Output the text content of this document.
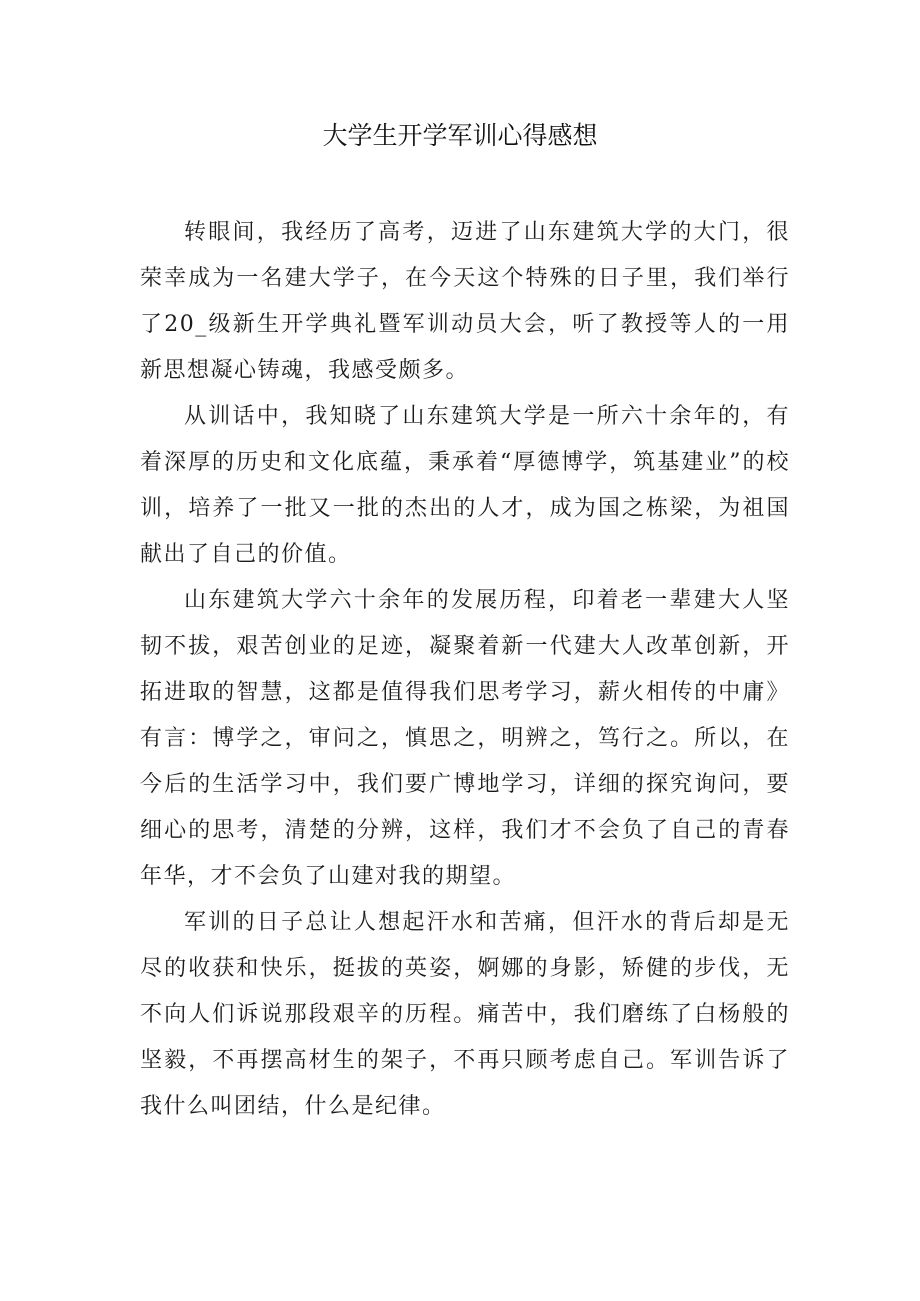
大学生开学军训心得感想

转眼间，我经历了高考，迈进了山东建筑大学的大门，很荣幸成为一名建大学子，在今天这个特殊的日子里，我们举行了20_级新生开学典礼暨军训动员大会，听了教授等人的一用新思想凝心铸魂，我感受颇多。

从训话中，我知晓了山东建筑大学是一所六十余年的，有着深厚的历史和文化底蕴，秉承着“厚德博学，筑基建业”的校训，培养了一批又一批的杰出的人才，成为国之栋梁，为祖国献出了自己的价值。

山东建筑大学六十余年的发展历程，印着老一辈建大人坚韧不拔，艰苦创业的足迹，凝聚着新一代建大人改革创新，开拓进取的智慧，这都是值得我们思考学习，薪火相传的中庸》有言：博学之，审问之，慎思之，明辨之，笃行之。所以，在今后的生活学习中，我们要广博地学习，详细的探究询问，要细心的思考，清楚的分辨，这样，我们才不会负了自己的青春年华，才不会负了山建对我的期望。

军训的日子总让人想起汗水和苦痛，但汗水的背后却是无尽的收获和快乐，挺拔的英姿，婀娜的身影，矫健的步伐，无不向人们诉说那段艰辛的历程。痛苦中，我们磨练了白杨般的坚毅，不再摆高材生的架子，不再只顾考虑自己。军训告诉了我什么叫团结，什么是纪律。
